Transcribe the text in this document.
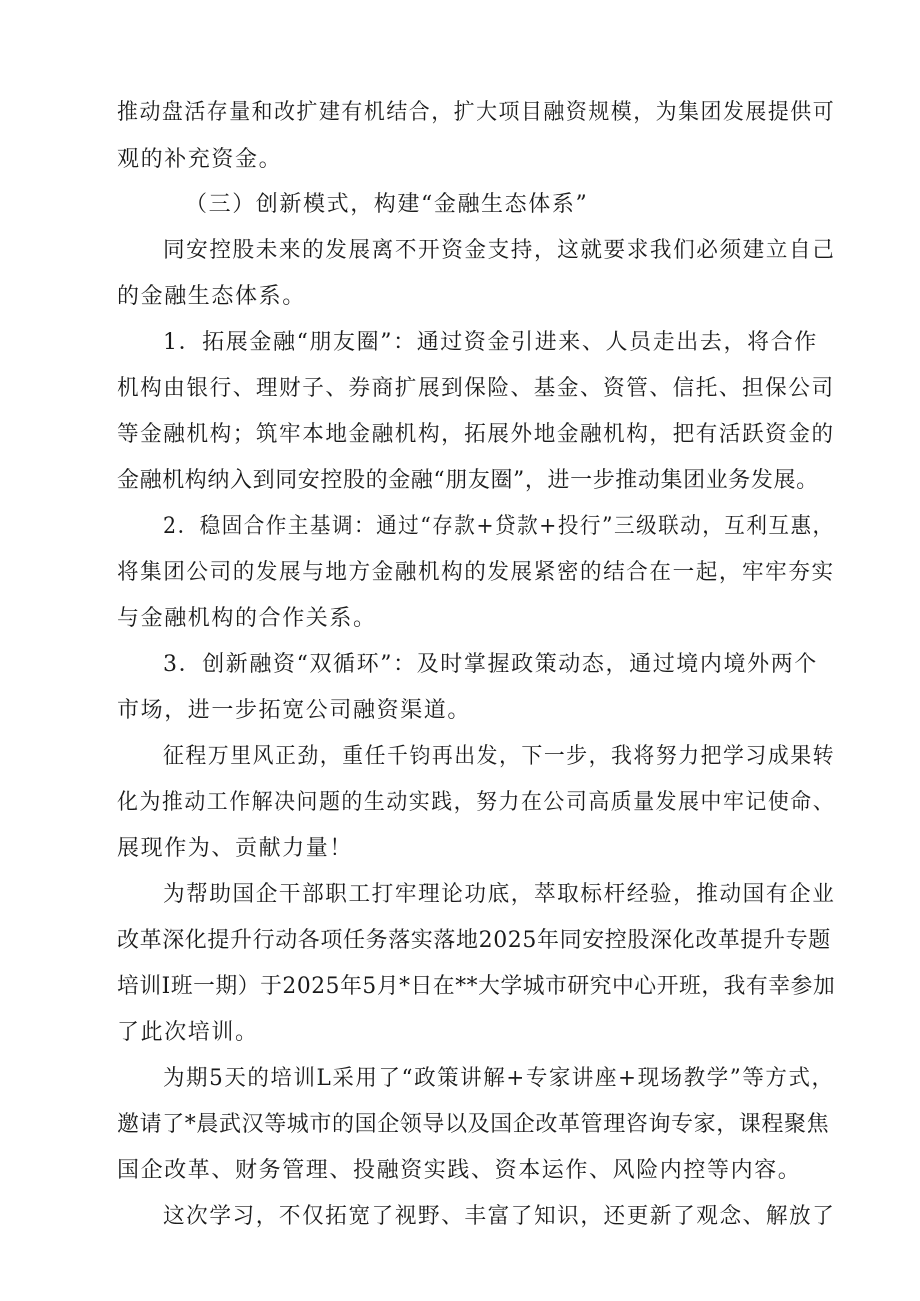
推动盘活存量和改扩建有机结合，扩大项目融资规模，为集团发展提供可
观的补充资金。
（三）创新模式，构建“金融生态体系”
同安控股未来的发展离不开资金支持，这就要求我们必须建立自己
的金融生态体系。
1．拓展金融“朋友圈”：通过资金引进来、人员走出去，将合作
机构由银行、理财子、券商扩展到保险、基金、资管、信托、担保公司
等金融机构；筑牢本地金融机构，拓展外地金融机构，把有活跃资金的
金融机构纳入到同安控股的金融“朋友圈”，进一步推动集团业务发展。
2．稳固合作主基调：通过“存款+贷款+投行”三级联动，互利互惠，
将集团公司的发展与地方金融机构的发展紧密的结合在一起，牢牢夯实
与金融机构的合作关系。
3．创新融资“双循环”：及时掌握政策动态，通过境内境外两个
市场，进一步拓宽公司融资渠道。
征程万里风正劲，重任千钧再出发，下一步，我将努力把学习成果转
化为推动工作解决问题的生动实践，努力在公司高质量发展中牢记使命、
展现作为、贡献力量！
为帮助国企干部职工打牢理论功底，萃取标杆经验，推动国有企业
改革深化提升行动各项任务落实落地2025年同安控股深化改革提升专题
培训I班一期）于2025年5月*日在**大学城市研究中心开班，我有幸参加
了此次培训。
为期5天的培训L采用了“政策讲解+专家讲座+现场教学”等方式，
邀请了*晨武汉等城市的国企领导以及国企改革管理咨询专家，课程聚焦
国企改革、财务管理、投融资实践、资本运作、风险内控等内容。
这次学习，不仅拓宽了视野、丰富了知识，还更新了观念、解放了
